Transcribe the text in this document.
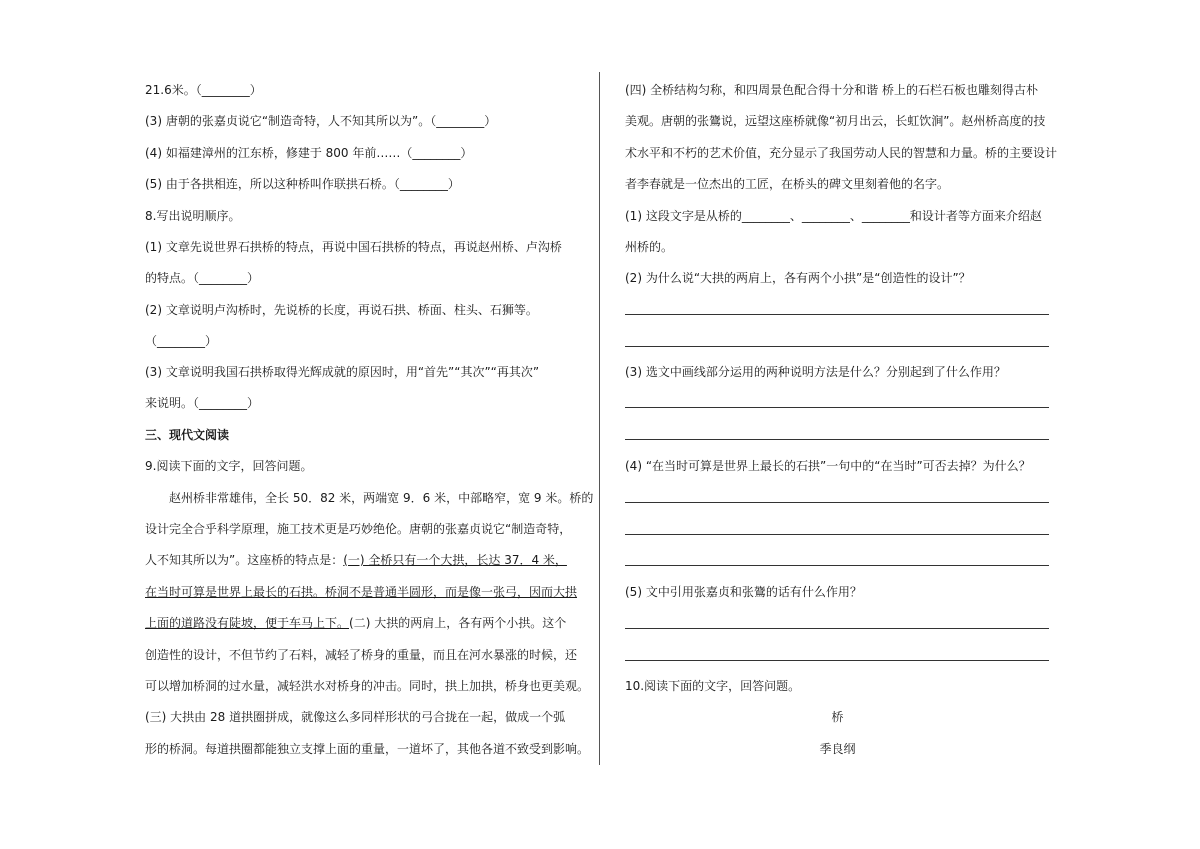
21.6米。（________）
(3) 唐朝的张嘉贞说它“制造奇特，人不知其所以为”。（________）
(4) 如福建漳州的江东桥，修建于 800 年前……（________）
(5) 由于各拱相连，所以这种桥叫作联拱石桥。（________）
8.写出说明顺序。
(1) 文章先说世界石拱桥的特点，再说中国石拱桥的特点，再说赵州桥、卢沟桥
的特点。（________）
(2) 文章说明卢沟桥时，先说桥的长度，再说石拱、桥面、柱头、石狮等。
（________）
(3) 文章说明我国石拱桥取得光辉成就的原因时，用“首先”“其次”“再其次”
来说明。（________）
三、现代文阅读
9.阅读下面的文字，回答问题。
赵州桥非常雄伟，全长 50．82 米，两端宽 9．6 米，中部略窄，宽 9 米。桥的
设计完全合乎科学原理，施工技术更是巧妙绝伦。唐朝的张嘉贞说它“制造奇特，
人不知其所以为”。这座桥的特点是：(一) 全桥只有一个大拱，长达 37．4 米，
在当时可算是世界上最长的石拱。桥洞不是普通半圆形，而是像一张弓，因而大拱
上面的道路没有陡坡，便于车马上下。(二) 大拱的两肩上，各有两个小拱。这个
创造性的设计，不但节约了石料，减轻了桥身的重量，而且在河水暴涨的时候，还
可以增加桥洞的过水量，减轻洪水对桥身的冲击。同时，拱上加拱，桥身也更美观。
(三) 大拱由 28 道拱圈拼成，就像这么多同样形状的弓合拢在一起，做成一个弧
形的桥洞。每道拱圈都能独立支撑上面的重量，一道坏了，其他各道不致受到影响。
(四) 全桥结构匀称，和四周景色配合得十分和谐 桥上的石栏石板也雕刻得古朴
美观。唐朝的张鷟说，远望这座桥就像“初月出云，长虹饮涧”。赵州桥高度的技
术水平和不朽的艺术价值，充分显示了我国劳动人民的智慧和力量。桥的主要设计
者李春就是一位杰出的工匠，在桥头的碑文里刻着他的名字。
(1) 这段文字是从桥的________、________、________和设计者等方面来介绍赵
州桥的。
(2) 为什么说“大拱的两肩上，各有两个小拱”是“创造性的设计”？
(3) 选文中画线部分运用的两种说明方法是什么？分别起到了什么作用？
(4) “在当时可算是世界上最长的石拱”一句中的“在当时”可否去掉？为什么？
(5) 文中引用张嘉贞和张鷟的话有什么作用？
10.阅读下面的文字，回答问题。
桥
季良纲
